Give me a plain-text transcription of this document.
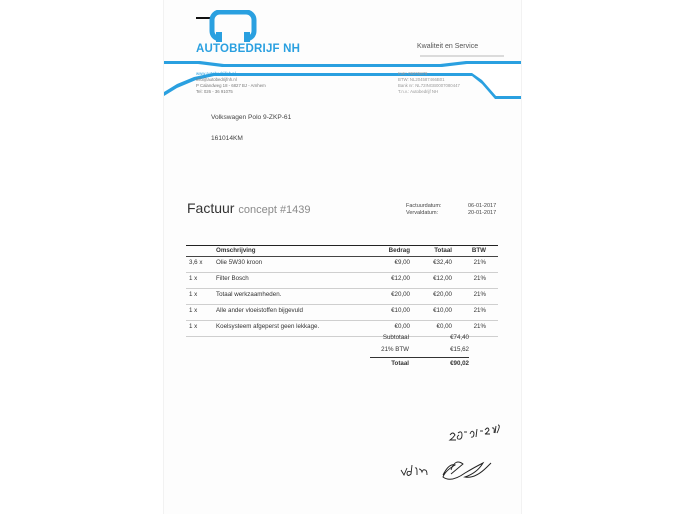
AUTOBEDRIJF NH	Kwaliteit en Service
www.autobedrijfnh.nl
info@autobedrijfnh.nl
P Calandweg 18 - 6827 BJ - Arnhem
Tel: 026 - 36 91075
KvK: 09205878
BTW: NL204587466B01
Bank nr: NL72INGB0007080447
T.n.v.: Autobedrijf NH
Volkswagen Polo 9-ZKP-61
161014KM
Factuur concept #1439	Factuurdatum:	06-01-2017
Vervaldatum:	20-01-2017
Omschrijving	Bedrag	Totaal	BTW
3,6 x Olie 5W30 kroon	€9,00	€32,40	21%
1 x	Filter Bosch	€12,00	€12,00	21%
1 x	Totaal werkzaamheden.	€20,00	€20,00	21%
1 x	Alle ander vloeistoffen bijgevuld	€10,00	€10,00	21%
1 x	Koelsysteem afgeperst geen lekkage.	€0,00	€0,00	21%
Subtotaal	€74,40
21% BTW	€15,62
Totaal	€90,02
